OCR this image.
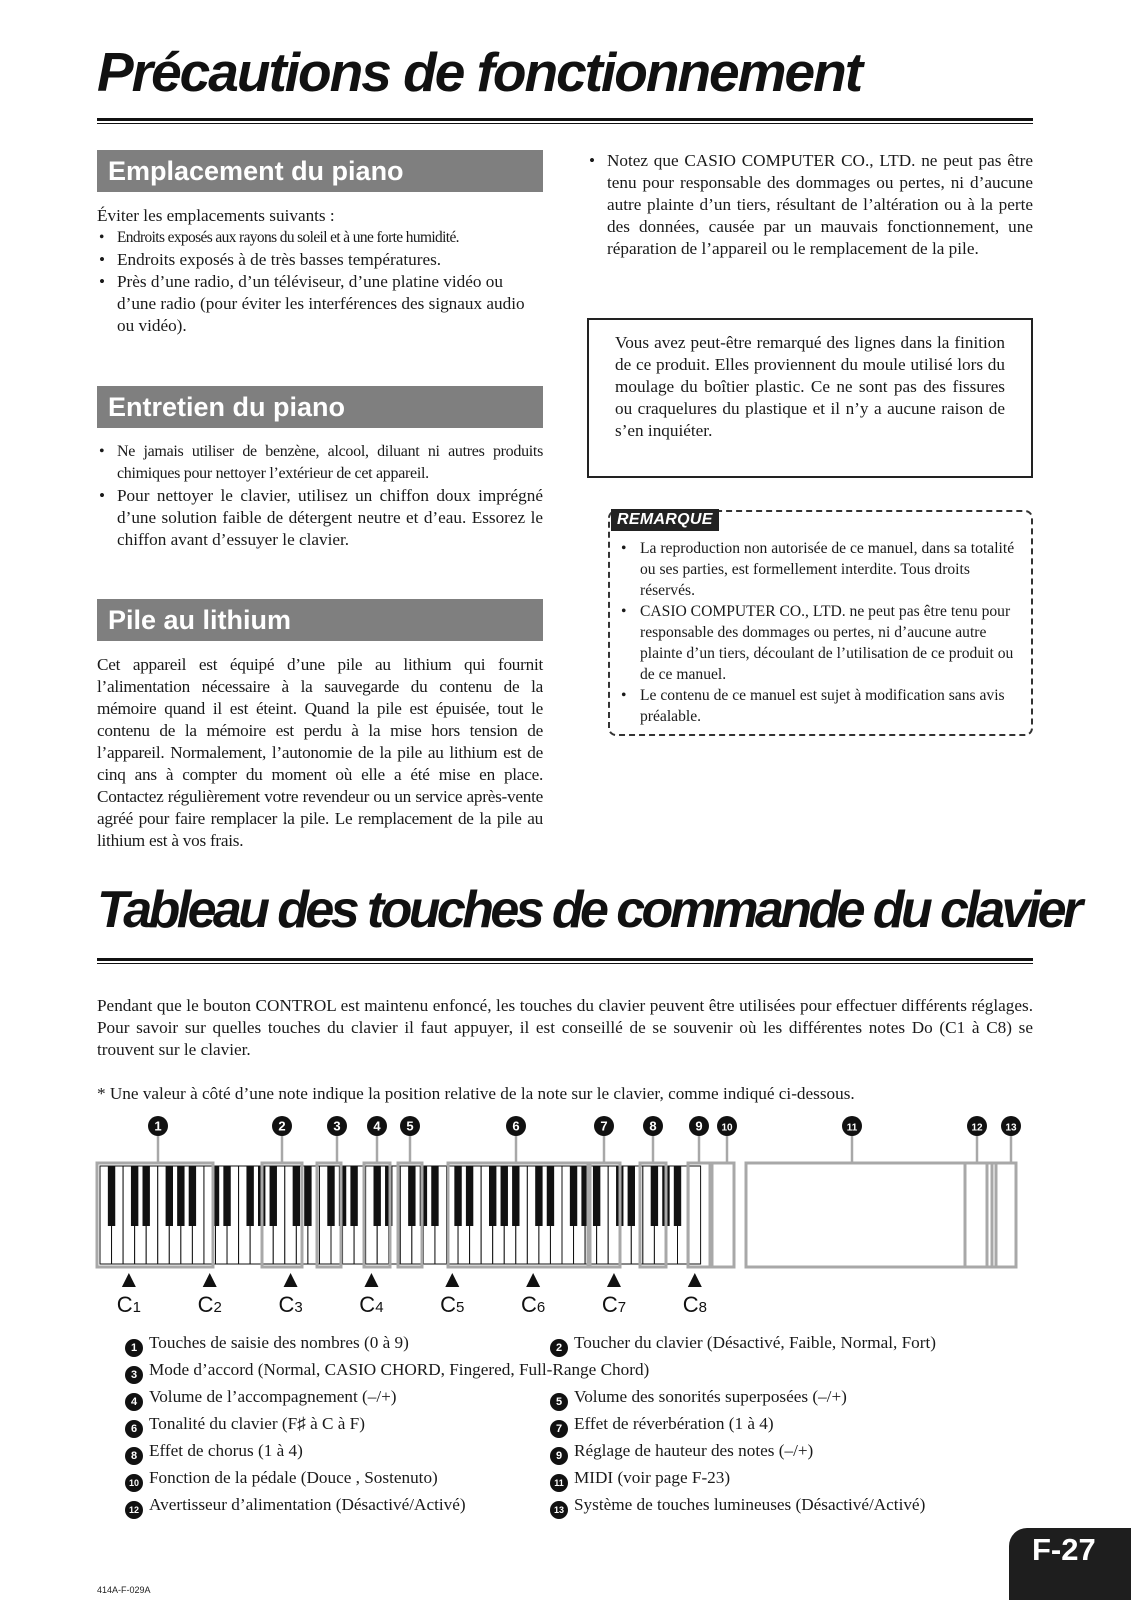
Précautions de fonctionnement
Emplacement du piano

Éviter les emplacements suivants :

• Endroits exposés aux rayons du soleil et à une forte humidité.
• Endroits exposés à de très basses températures.
• Près d’une radio, d’un téléviseur, d’une platine vidéo ou d’une radio (pour éviter les interférences des signaux audio ou vidéo).
Entretien du piano
• Ne jamais utiliser de benzène, alcool, diluant ni autres produits chimiques pour nettoyer l’extérieur de cet appareil.
• Pour nettoyer le clavier, utilisez un chiffon doux imprégné d’une solution faible de détergent neutre et d’eau. Essorez le chiffon avant d’essuyer le clavier.
Pile au lithium
Cet appareil est équipé d’une pile au lithium qui fournit l’alimentation nécessaire à la sauvegarde du contenu de la mémoire quand il est éteint. Quand la pile est épuisée, tout le contenu de la mémoire est perdu à la mise hors tension de l’appareil. Normalement, l’autonomie de la pile au lithium est de cinq ans à compter du moment où elle a été mise en place. Contactez régulièrement votre revendeur ou un service après-vente agréé pour faire remplacer la pile. Le remplacement de la pile au lithium est à vos frais.
• Notez que CASIO COMPUTER CO., LTD. ne peut pas être tenu pour responsable des dommages ou pertes, ni d’aucune autre plainte d’un tiers, résultant de l’altération ou à la perte des données, causée par un mauvais fonctionnement, une réparation de l’appareil ou le remplacement de la pile.
Vous avez peut-être remarqué des lignes dans la finition de ce produit. Elles proviennent du moule utilisé lors du moulage du boîtier plastic. Ce ne sont pas des fissures ou craquelures du plastique et il n’y a aucune raison de s’en inquiéter.
REMARQUE
• La reproduction non autorisée de ce manuel, dans sa totalité ou ses parties, est formellement interdite. Tous droits réservés.
• CASIO COMPUTER CO., LTD. ne peut pas être tenu pour responsable des dommages ou pertes, ni d’aucune autre plainte d’un tiers, découlant de l’utilisation de ce produit ou de ce manuel.
• Le contenu de ce manuel est sujet à modification sans avis préalable.
Tableau des touches de commande du clavier
Pendant que le bouton CONTROL est maintenu enfoncé, les touches du clavier peuvent être utilisées pour effectuer différents réglages. Pour savoir sur quelles touches du clavier il faut appuyer, il est conseillé de se souvenir où les différentes notes Do (C1 à C8) se trouvent sur le clavier.
* Une valeur à côté d’une note indique la position relative de la note sur le clavier, comme indiqué ci-dessous.
1	2	3	4 5	6	7	8	9 10	11	12 13
C1	C2	C3	C4	C5	C6	C7	C8
1 Touches de saisie des nombres (0 à 9)	2 Toucher du clavier (Désactivé, Faible, Normal, Fort)
3 Mode d’accord (Normal, CASIO CHORD, Fingered, Full-Range Chord)
4 Volume de l’accompagnement (–/+)	5 Volume des sonorités superposées (–/+)
6 Tonalité du clavier (F♯ à C à F)	7 Effet de réverbération (1 à 4)
8 Effet de chorus (1 à 4)	9 Réglage de hauteur des notes (–/+)
10 Fonction de la pédale (Douce , Sostenuto)	11 MIDI (voir page F-23)
12 Avertisseur d’alimentation (Désactivé/Activé)	13 Système de touches lumineuses (Désactivé/Activé)
414A-F-029A
F-27
